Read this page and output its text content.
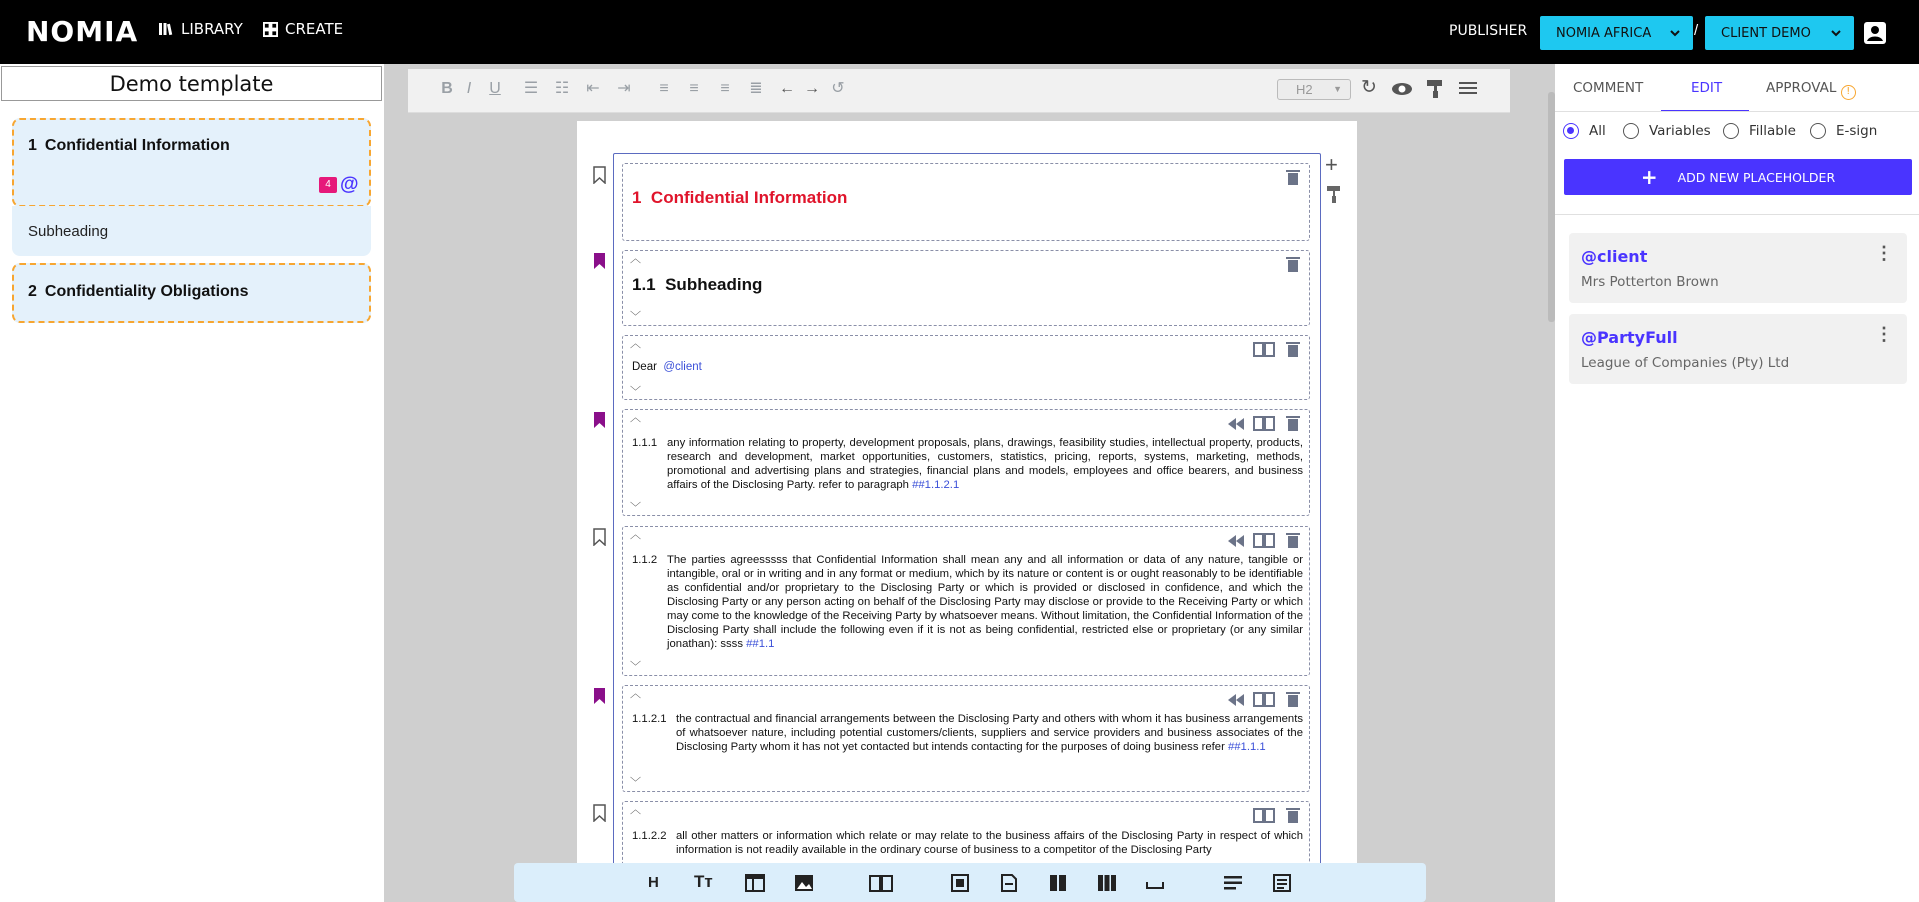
NOMIA	LIBRARY	CREATE	PUBLISHER NOMIA AFRICA	/ CLIENT DEMO
Demo template
1 Confidential Information
4 @
Subheading
2 Confidentiality Obligations
B I	U ☰ ☷ ⇤ ⇥	≡	≡	≡	≣ ← → ↺	H2 ▼ ↻
+
1 Confidential Information
1.1 Subheading
Dear @client
1.1.1 any information relating to property, development proposals, plans, drawings, feasibility studies, intellectual property, products, research and development, market opportunities, customers, statistics, pricing, reports, systems, marketing, methods, promotional and advertising plans and strategies, financial plans and models, employees and office bearers, and business affairs of the Disclosing Party. refer to paragraph ##1.1.2.1
1.1.2 The parties agreesssss that Confidential Information shall mean any and all information or data of any nature, tangible or intangible, oral or in writing and in any format or medium, which by its nature or content is or ought reasonably to be identifiable as confidential and/or proprietary to the Disclosing Party or which is provided or disclosed in confidence, and which the Disclosing Party or any person acting on behalf of the Disclosing Party may disclose or provide to the Receiving Party or which may come to the knowledge of the Receiving Party by whatsoever means. Without limitation, the Confidential Information of the Disclosing Party shall include the following even if it is not as being confidential, restricted else or proprietary (or any similar jonathan): ssss ##1.1
1.1.2.1 the contractual and financial arrangements between the Disclosing Party and others with whom it has business arrangements of whatsoever nature, including potential customers/clients, suppliers and service providers and business associates of the Disclosing Party whom it has not yet contacted but intends contacting for the purposes of doing business refer ##1.1.1
1.1.2.2 all other matters or information which relate or may relate to the business affairs of the Disclosing Party in respect of which information is not readily available in the ordinary course of business to a competitor of the Disclosing Party
︿
﹀
︿
﹀
︿
﹀
︿
﹀
︿
﹀
︿
H	Tт
COMMENT	EDIT	APPROVAL !
All	Variables	Fillable	E-sign
+ ADD NEW PLACEHOLDER
@client
Mrs Potterton Brown
⋮
@PartyFull
League of Companies (Pty) Ltd
⋮
